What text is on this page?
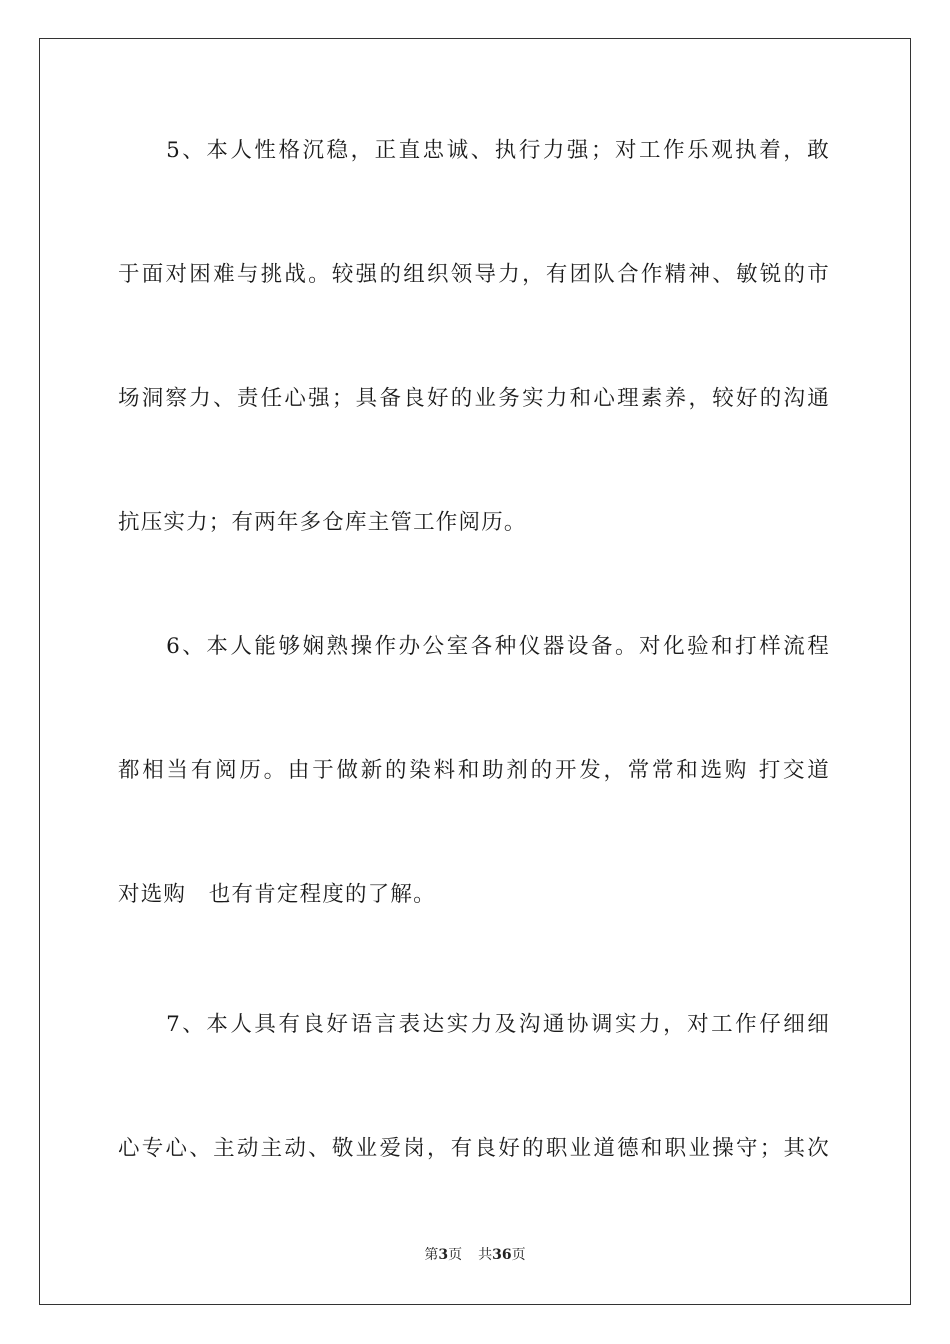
　　5、本人性格沉稳，正直忠诚、执行力强；对工作乐观执着，敢
于面对困难与挑战。较强的组织领导力，有团队合作精神、敏锐的市
场洞察力、责任心强；具备良好的业务实力和心理素养，较好的沟通
抗压实力；有两年多仓库主管工作阅历。
　　6、本人能够娴熟操作办公室各种仪器设备。对化验和打样流程
都相当有阅历。由于做新的染料和助剂的开发，常常和选购 打交道
对选购　也有肯定程度的了解。
　　7、本人具有良好语言表达实力及沟通协调实力，对工作仔细细
心专心、主动主动、敬业爱岗，有良好的职业道德和职业操守；其次
第3页 共36页
